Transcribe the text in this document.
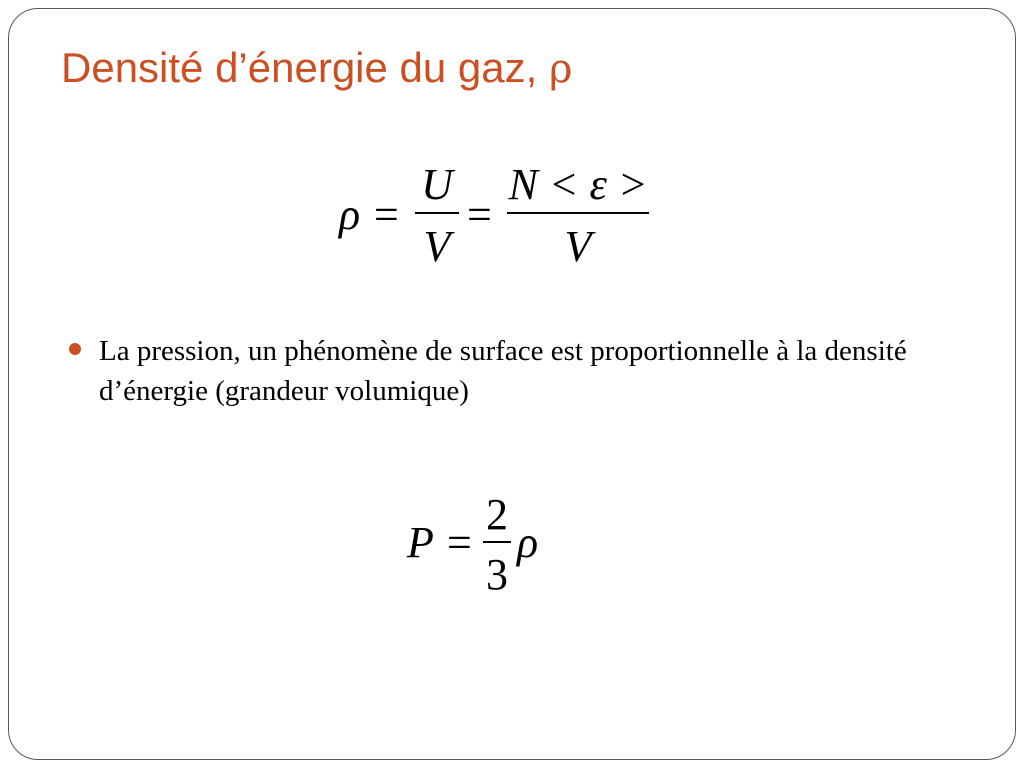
Densité d’énergie du gaz, ρ
ρ =
U
V
=
N < ε >
V
La pression, un phénomène de surface est proportionnelle à la densité d’énergie (grandeur volumique)
P =
2
3
ρ
